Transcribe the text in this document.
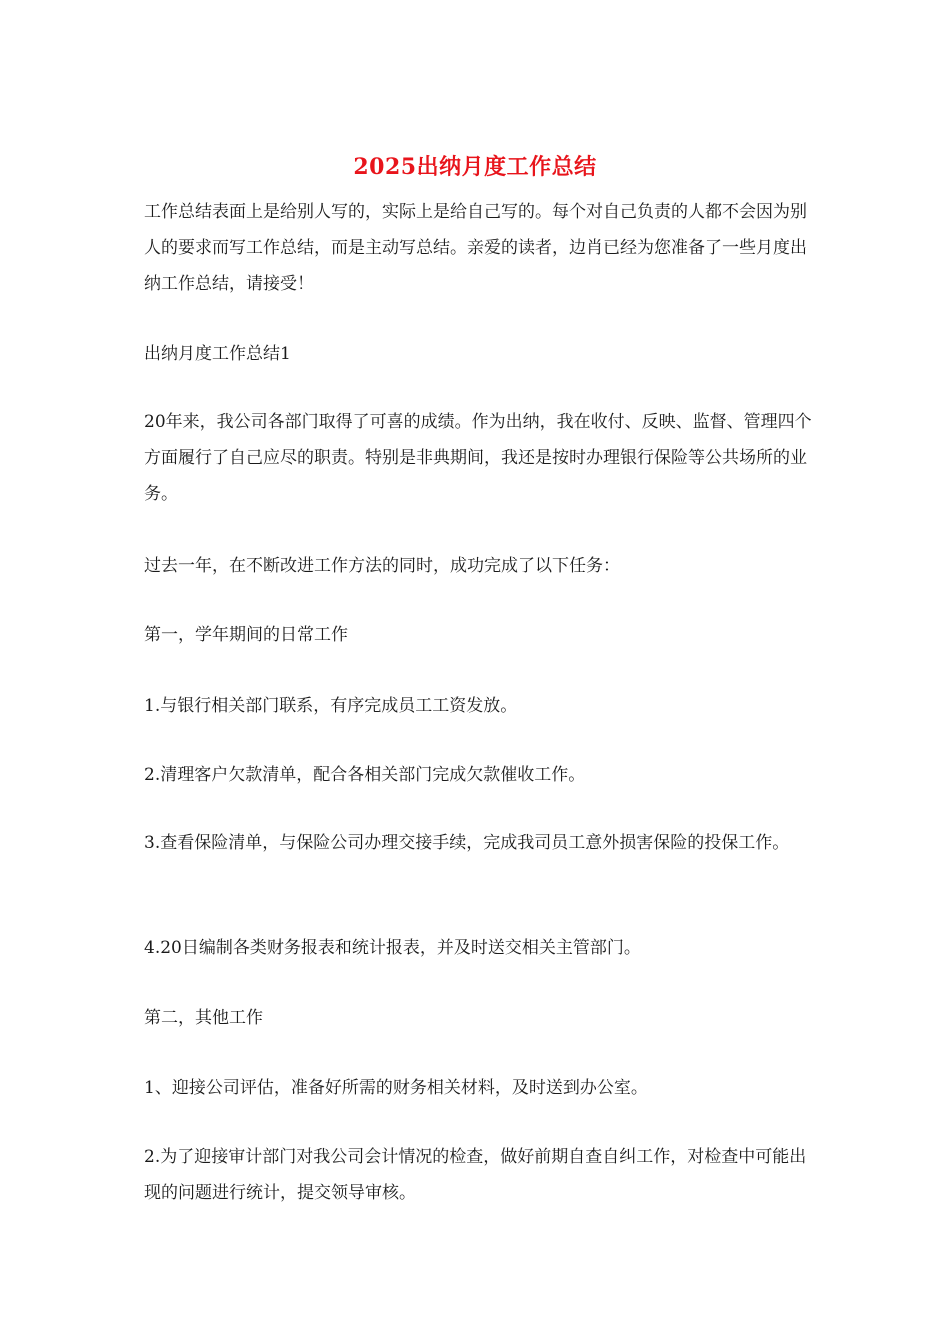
2025出纳月度工作总结

工作总结表面上是给别人写的，实际上是给自己写的。每个对自己负责的人都不会因为别人的要求而写工作总结，而是主动写总结。亲爱的读者，边肖已经为您准备了一些月度出纳工作总结，请接受！

出纳月度工作总结1

20年来，我公司各部门取得了可喜的成绩。作为出纳，我在收付、反映、监督、管理四个方面履行了自己应尽的职责。特别是非典期间，我还是按时办理银行保险等公共场所的业务。

过去一年，在不断改进工作方法的同时，成功完成了以下任务：

第一，学年期间的日常工作

1.与银行相关部门联系，有序完成员工工资发放。

2.清理客户欠款清单，配合各相关部门完成欠款催收工作。

3.查看保险清单，与保险公司办理交接手续，完成我司员工意外损害保险的投保工作。

4.20日编制各类财务报表和统计报表，并及时送交相关主管部门。

第二，其他工作

1、迎接公司评估，准备好所需的财务相关材料，及时送到办公室。

2.为了迎接审计部门对我公司会计情况的检查，做好前期自查自纠工作，对检查中可能出现的问题进行统计，提交领导审核。
